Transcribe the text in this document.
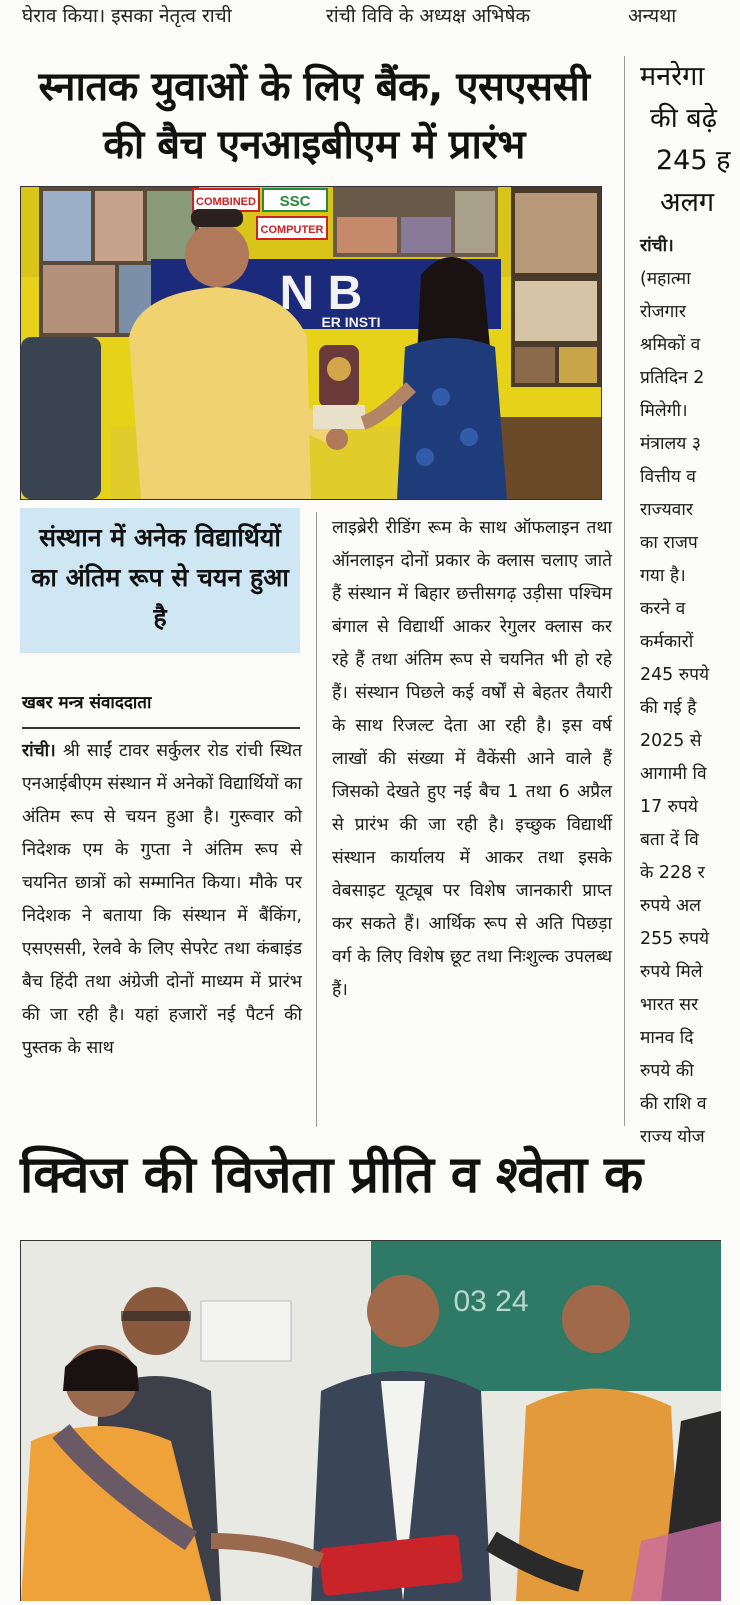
घेराव किया। इसका नेतृत्व राची	रांची विवि के अध्यक्ष अभिषेक	अन्यथा
स्नातक युवाओं के लिए बैंक, एसएससी
की बैच एनआइबीएम में प्रारंभ
COMBINED SSC
COMPUTER
N B
ER INSTI

संस्थान में अनेक विद्यार्थियों का अंतिम रूप से चयन हुआ है

खबर मन्त्र संवाददाता
रांची। श्री साईं टावर सर्कुलर रोड रांची स्थित एनआईबीएम संस्थान में अनेकों विद्यार्थियों का अंतिम रूप से चयन हुआ है। गुरूवार को निदेशक एम के गुप्ता ने अंतिम रूप से चयनित छात्रों को सम्मानित किया। मौके पर निदेशक ने बताया कि संस्थान में बैंकिंग, एसएससी, रेलवे के लिए सेपरेट तथा कंबाइंड बैच हिंदी तथा अंग्रेजी दोनों माध्यम में प्रारंभ की जा रही है। यहां हजारों नई पैटर्न की पुस्तक के साथ
लाइब्रेरी रीडिंग रूम के साथ ऑफलाइन तथा ऑनलाइन दोनों प्रकार के क्लास चलाए जाते हैं संस्थान में बिहार छत्तीसगढ़ उड़ीसा पश्चिम बंगाल से विद्यार्थी आकर रेगुलर क्लास कर रहे हैं तथा अंतिम रूप से चयनित भी हो रहे हैं। संस्थान पिछले कई वर्षों से बेहतर तैयारी के साथ रिजल्ट देता आ रही है। इस वर्ष लाखों की संख्या में वैकेंसी आने वाले हैं जिसको देखते हुए नई बैच 1 तथा 6 अप्रैल से प्रारंभ की जा रही है। इच्छुक विद्यार्थी संस्थान कार्यालय में आकर तथा इसके वेबसाइट यूट्यूब पर विशेष जानकारी प्राप्त कर सकते हैं। आर्थिक रूप से अति पिछड़ा वर्ग के लिए विशेष छूट तथा निःशुल्क उपलब्ध हैं।
मनरेगा
की बढ़े
245 ह
अलग
रांची।
(महात्मा
रोजगार
श्रमिकों व
प्रतिदिन 2
मिलेगी।
मंत्रालय ३
वित्तीय व
राज्यवार
का राजप
गया है।
करने व
कर्मकारों
245 रुपये
की गई है
2025 से
आगामी वि
17 रुपये
बता दें वि
के 228 र
रुपये अल
255 रुपये
रुपये मिले
भारत सर
मानव दि
रुपये की
की राशि व
राज्य योज
क्विज की विजेता प्रीति व श्वेता क
03 24
